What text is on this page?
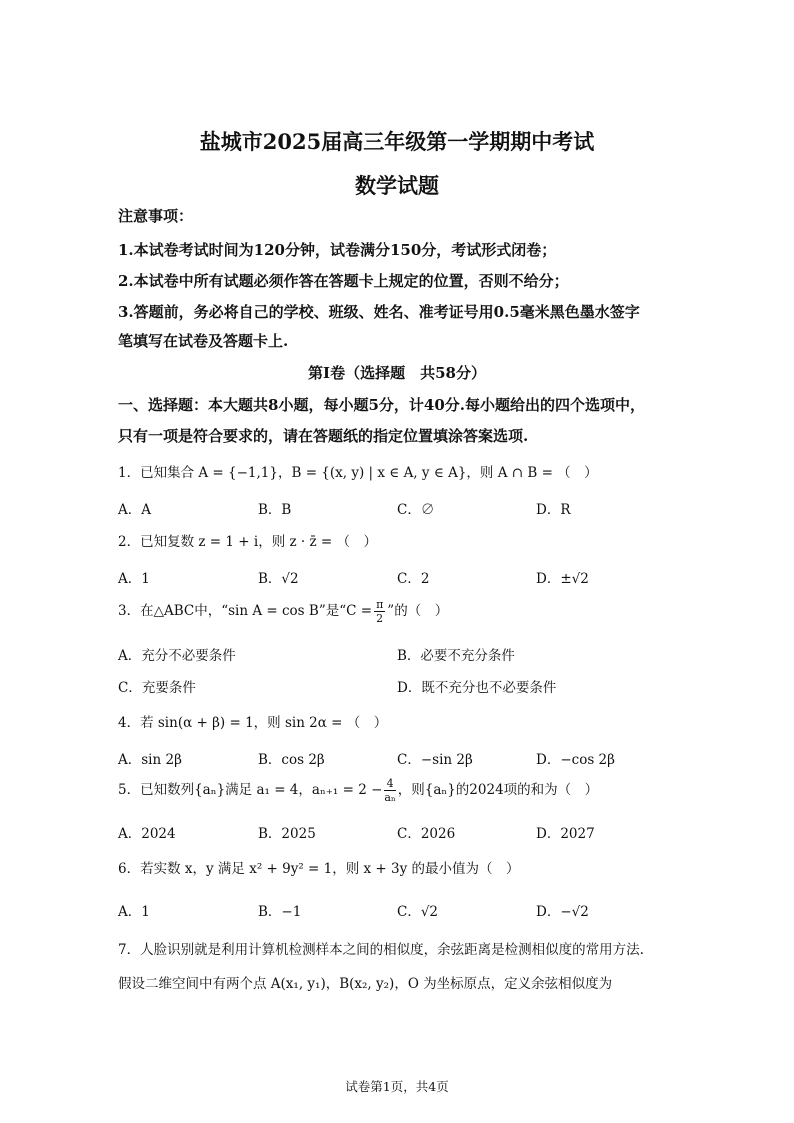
盐城市2025届高三年级第一学期期中考试
数学试题
注意事项：
1.本试卷考试时间为120分钟，试卷满分150分，考试形式闭卷；
2.本试卷中所有试题必须作答在答题卡上规定的位置，否则不给分；
3.答题前，务必将自己的学校、班级、姓名、准考证号用0.5毫米黑色墨水签字
笔填写在试卷及答题卡上.
第Ⅰ卷（选择题　共58分）
一、选择题：本大题共8小题，每小题5分，计40分.每小题给出的四个选项中，
只有一项是符合要求的，请在答题纸的指定位置填涂答案选项.
1．已知集合 A = {−1,1}，B = {(x, y) | x ∈ A, y ∈ A}，则 A ∩ B = （　）
A．A	B．B	C．∅	D．R
2．已知复数 z = 1 + i，则 z · z̄ = （　）
A．1	B．√2	C．2	D．±√2
3．在△ABC中，“sin A = cos B”是“$C = \frac{\pi}{2}$ ”的（　）
A．充分不必要条件	B．必要不充分条件
C．充要条件	D．既不充分也不必要条件
4．若 sin(α + β) = 1，则 sin 2α = （　）
A．sin 2β	B．cos 2β	C．−sin 2β	D．−cos 2β
5．已知数列{aₙ}满足 a₁ = 4，$a_{n+1} = 2 - \frac{4}{\text{aₙ}}$ ，则{aₙ}的2024项的和为（　）
A．2024	B．2025	C．2026	D．2027
6．若实数 x，y 满足 x² + 9y² = 1，则 x + 3y 的最小值为（　）
A．1	B．−1	C．√2	D．−√2
7．人脸识别就是利用计算机检测样本之间的相似度，余弦距离是检测相似度的常用方法.
假设二维空间中有两个点 A(x₁, y₁)，B(x₂, y₂)，O 为坐标原点，定义余弦相似度为
试卷第1页，共4页
